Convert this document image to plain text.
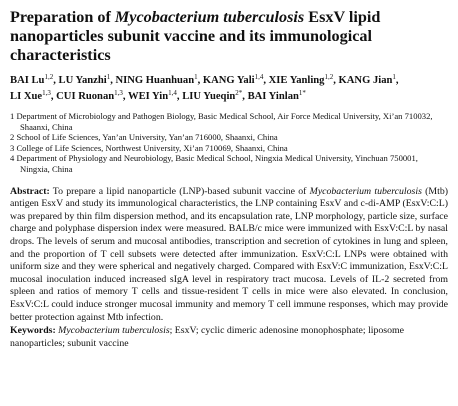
Preparation of Mycobacterium tuberculosis EsxV lipid nanoparticles subunit vaccine and its immunological characteristics
BAI Lu$^{1,2}$, LU Yanzhi$^1$, NING Huanhuan$^1$, KANG Yali$^{1,4}$, XIE Yanling$^{1,2}$, KANG Jian$^1$,
LI Xue$^{1,3}$, CUI Ruonan$^{1,3}$, WEI Yin$^{1,4}$, LIU Yueqin$^{2*}$, BAI Yinlan$^{1*}$
1 Department of Microbiology and Pathogen Biology, Basic Medical School, Air Force Medical University, Xi’an 710032, Shaanxi, China
2 School of Life Sciences, Yan’an University, Yan’an 716000, Shaanxi, China
3 College of Life Sciences, Northwest University, Xi’an 710069, Shaanxi, China
4 Department of Physiology and Neurobiology, Basic Medical School, Ningxia Medical University, Yinchuan 750001, Ningxia, China

Abstract: To prepare a lipid nanoparticle (LNP)-based subunit vaccine of Mycobacterium tuberculosis (Mtb) antigen EsxV and study its immunological characteristics, the LNP containing EsxV and c-di-AMP (EsxV:C:L) was prepared by thin film dispersion method, and its encapsulation rate, LNP morphology, particle size, surface charge and polyphase dispersion index were measured. BALB/c mice were immunized with EsxV:C:L by nasal drops. The levels of serum and mucosal antibodies, transcription and secretion of cytokines in lung and spleen, and the proportion of T cell subsets were detected after immunization. EsxV:C:L LNPs were obtained with uniform size and they were spherical and negatively charged. Compared with EsxV:C immunization, EsxV:C:L mucosal inoculation induced increased sIgA level in respiratory tract mucosa. Levels of IL-2 secreted from spleen and ratios of memory T cells and tissue-resident T cells in mice were also elevated. In conclusion, EsxV:C:L could induce stronger mucosal immunity and memory T cell immune responses, which may provide better protection against Mtb infection.

Keywords: Mycobacterium tuberculosis; EsxV; cyclic dimeric adenosine monophosphate; liposome nanoparticles; subunit vaccine
